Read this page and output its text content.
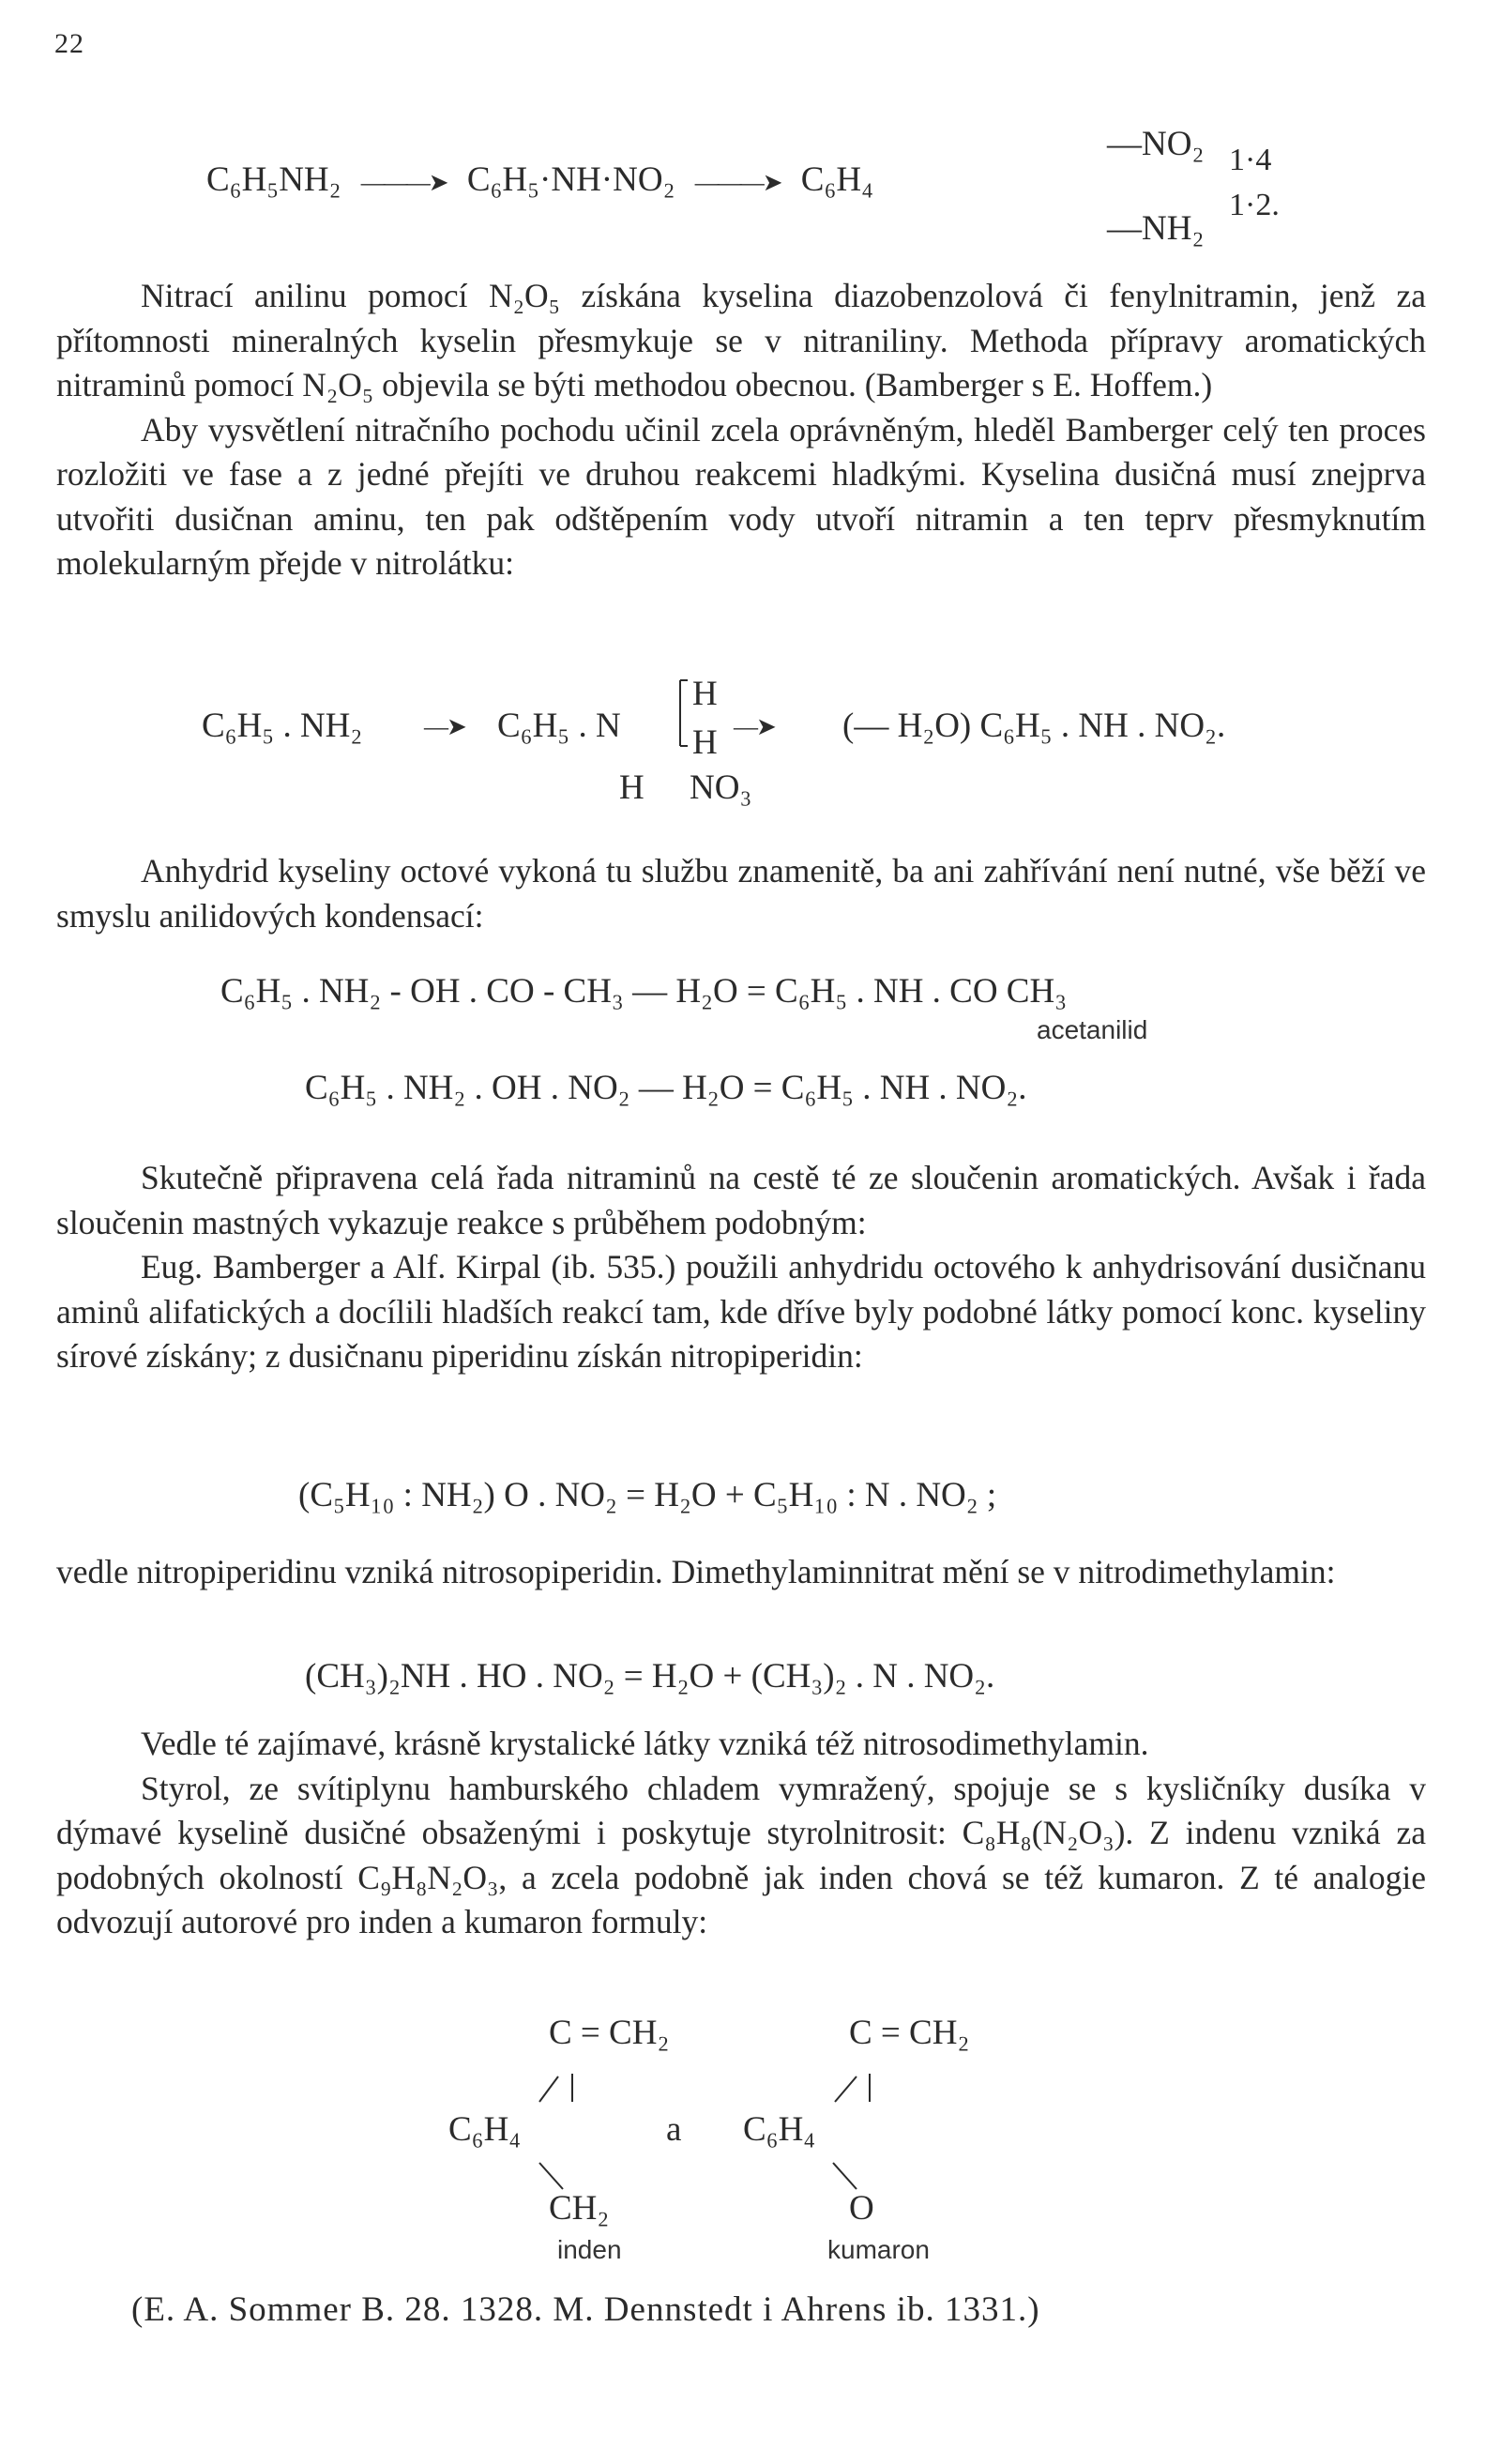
22
C₆H₅NH₂ ———➤ C₆H₅·NH·NO₂ ———➤ C₆H₄
—NO₂ 1·4
—NH₂
1·2.

Nitrací anilinu pomocí N₂O₅ získána kyselina diazobenzolová či fenylnitramin, jenž za přítomnosti mineralných kyselin přesmykuje se v nitraniliny. Methoda přípravy aromatických nitraminů pomocí N₂O₅ objevila se býti methodou obecnou. (Bamberger s E. Hoffem.)

Aby vysvětlení nitračního pochodu učinil zcela oprávněným, hleděl Bamberger celý ten proces rozložiti ve fase a z jedné přejíti ve druhou reakcemi hladkými. Kyselina dusičná musí znejprva utvořiti dusičnan aminu, ten pak odštěpením vody utvoří nitramin a ten teprv přesmyknutím molekularným přejde v nitrolátku:

C₆H₅ . NH₂	—➤ C₆H₅ . N
H
H —➤	(— H₂O) C₆H₅ . NH . NO₂.
H NO₃

Anhydrid kyseliny octové vykoná tu službu znamenitě, ba ani zahřívání není nutné, vše běží ve smyslu anilidových kondensací:

C₆H₅ . NH₂ - OH . CO - CH₃ — H₂O = C₆H₅ . NH . CO CH₃
acetanilid
C₆H₅ . NH₂ . OH . NO₂ — H₂O = C₆H₅ . NH . NO₂.

Skutečně připravena celá řada nitraminů na cestě té ze sloučenin aromatických. Avšak i řada sloučenin mastných vykazuje reakce s průběhem podobným:

Eug. Bamberger a Alf. Kirpal (ib. 535.) použili anhydridu octového k anhydrisování dusičnanu aminů alifatických a docílili hladších reakcí tam, kde dříve byly podobné látky pomocí konc. kyseliny sírové získány; z dusičnanu piperidinu získán nitropiperidin:

(C₅H₁₀ : NH₂) O . NO₂ = H₂O + C₅H₁₀ : N . NO₂ ;

vedle nitropiperidinu vzniká nitrosopiperidin. Dimethylaminnitrat mění se v nitrodimethylamin:

(CH₃)₂NH . HO . NO₂ = H₂O + (CH₃)₂ . N . NO₂.

Vedle té zajímavé, krásně krystalické látky vzniká též nitrosodimethylamin.

Styrol, ze svítiplynu hamburského chladem vymražený, spojuje se s kysličníky dusíka v dýmavé kyselině dusičné obsaženými i poskytuje styrolnitrosit: C₈H₈(N₂O₃). Z indenu vzniká za podobných okolností C₉H₈N₂O₃, a zcela podobně jak inden chová se též kumaron. Z té analogie odvozují autorové pro inden a kumaron formuly:

C = CH₂
C₆H₄
CH₂
inden
a
C = CH₂
C₆H₄
O
kumaron
(E. A. Sommer B. 28. 1328. M. Dennstedt i Ahrens ib. 1331.)
